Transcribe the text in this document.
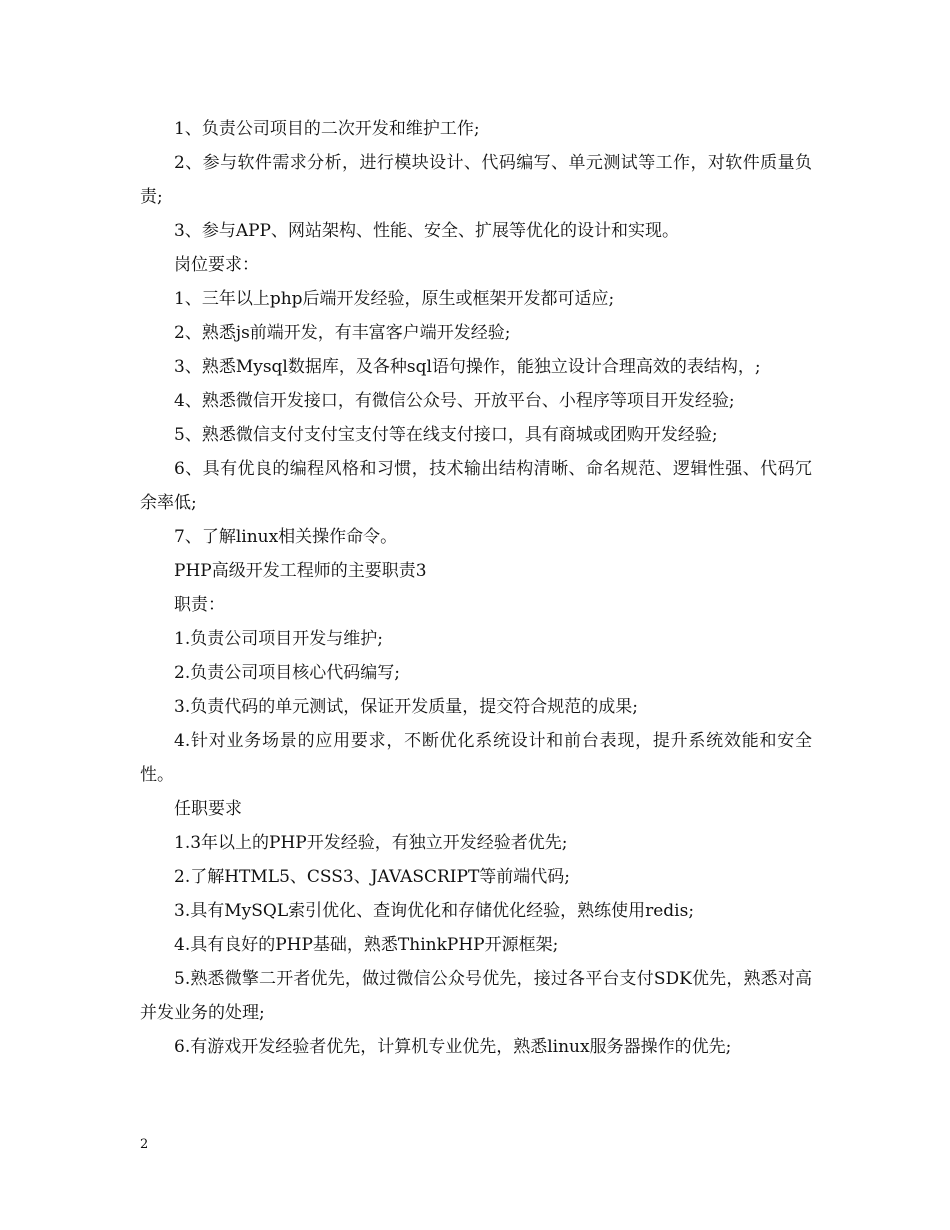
1、负责公司项目的二次开发和维护工作;

2、参与软件需求分析，进行模块设计、代码编写、单元测试等工作，对软件质量负责;

3、参与APP、网站架构、性能、安全、扩展等优化的设计和实现。

岗位要求：

1、三年以上php后端开发经验，原生或框架开发都可适应;

2、熟悉js前端开发，有丰富客户端开发经验;

3、熟悉Mysql数据库，及各种sql语句操作，能独立设计合理高效的表结构，;

4、熟悉微信开发接口，有微信公众号、开放平台、小程序等项目开发经验;

5、熟悉微信支付支付宝支付等在线支付接口，具有商城或团购开发经验;

6、具有优良的编程风格和习惯，技术输出结构清晰、命名规范、逻辑性强、代码冗余率低;

7、了解linux相关操作命令。

PHP高级开发工程师的主要职责3

职责：

1.负责公司项目开发与维护;

2.负责公司项目核心代码编写;

3.负责代码的单元测试，保证开发质量，提交符合规范的成果;

4.针对业务场景的应用要求，不断优化系统设计和前台表现，提升系统效能和安全性。

任职要求

1.3年以上的PHP开发经验，有独立开发经验者优先;

2.了解HTML5、CSS3、JAVASCRIPT等前端代码;

3.具有MySQL索引优化、查询优化和存储优化经验，熟练使用redis;

4.具有良好的PHP基础，熟悉ThinkPHP开源框架;

5.熟悉微擎二开者优先，做过微信公众号优先，接过各平台支付SDK优先，熟悉对高并发业务的处理;

6.有游戏开发经验者优先，计算机专业优先，熟悉linux服务器操作的优先;

2
